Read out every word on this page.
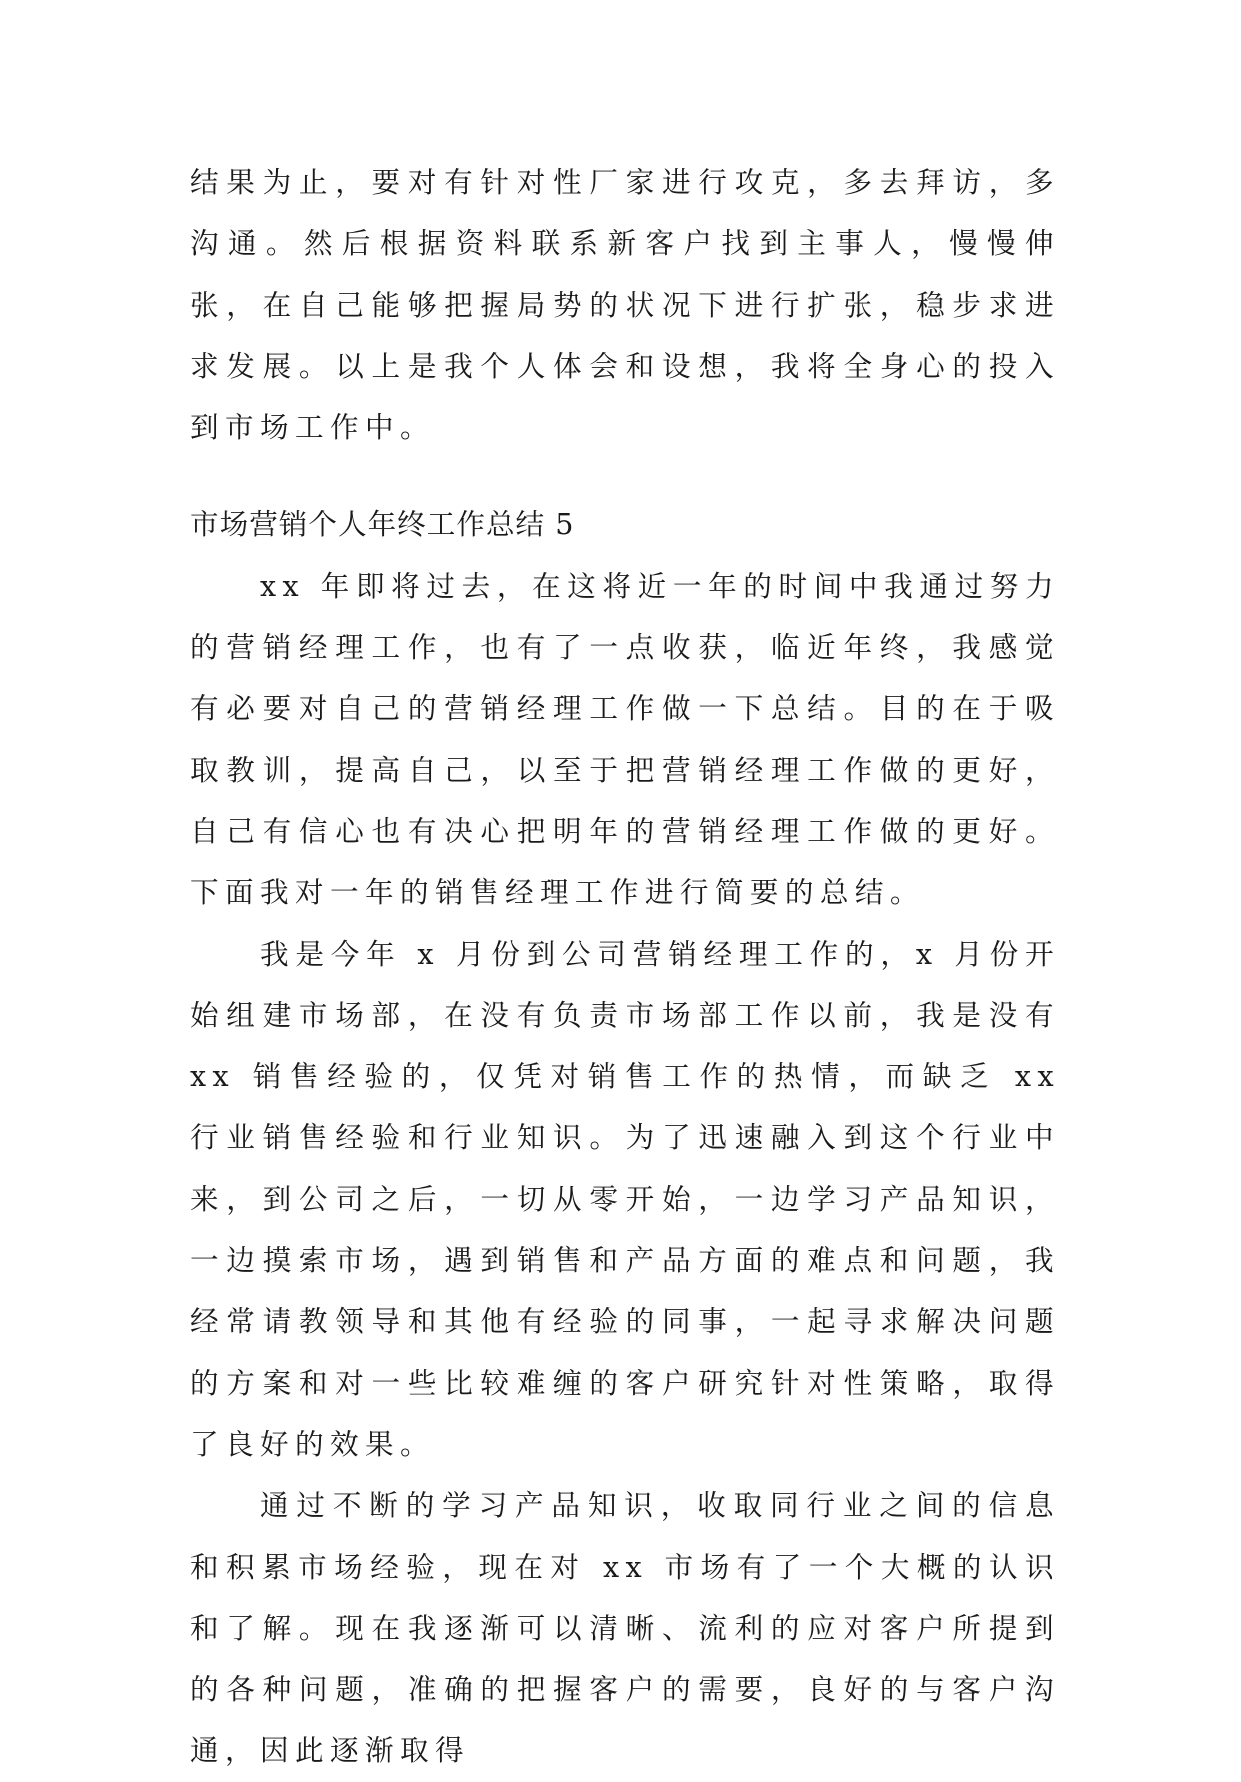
结果为止，要对有针对性厂家进行攻克，多去拜访，多沟通。然后根据资料联系新客户找到主事人，慢慢伸张，在自己能够把握局势的状况下进行扩张，稳步求进求发展。以上是我个人体会和设想，我将全身心的投入到市场工作中。

市场营销个人年终工作总结 5

xx 年即将过去，在这将近一年的时间中我通过努力的营销经理工作，也有了一点收获，临近年终，我感觉有必要对自己的营销经理工作做一下总结。目的在于吸取教训，提高自己，以至于把营销经理工作做的更好，自己有信心也有决心把明年的营销经理工作做的更好。下面我对一年的销售经理工作进行简要的总结。

我是今年 x 月份到公司营销经理工作的，x 月份开始组建市场部，在没有负责市场部工作以前，我是没有 xx 销售经验的，仅凭对销售工作的热情，而缺乏 xx 行业销售经验和行业知识。为了迅速融入到这个行业中来，到公司之后，一切从零开始，一边学习产品知识，一边摸索市场，遇到销售和产品方面的难点和问题，我经常请教领导和其他有经验的同事，一起寻求解决问题的方案和对一些比较难缠的客户研究针对性策略，取得了良好的效果。

通过不断的学习产品知识，收取同行业之间的信息和积累市场经验，现在对 xx 市场有了一个大概的认识和了解。现在我逐渐可以清晰、流利的应对客户所提到的各种问题，准确的把握客户的需要，良好的与客户沟通，因此逐渐取得
